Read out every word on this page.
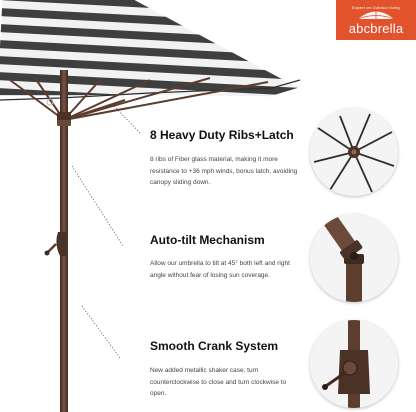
Expert on Outdoor living
abcbrella
8 Heavy Duty Ribs+Latch
8 ribs of Fiber glass material, making it more resistance to +36 mph winds, bonus latch, avoiding canopy sliding down.
Auto-tilt Mechanism
Allow our umbrella to tilt at 45° both left and right angle without fear of losing sun coverage.
Smooth Crank System
New added metallic shaker case, turn counterclockwise to close and turn clockwise to open.
